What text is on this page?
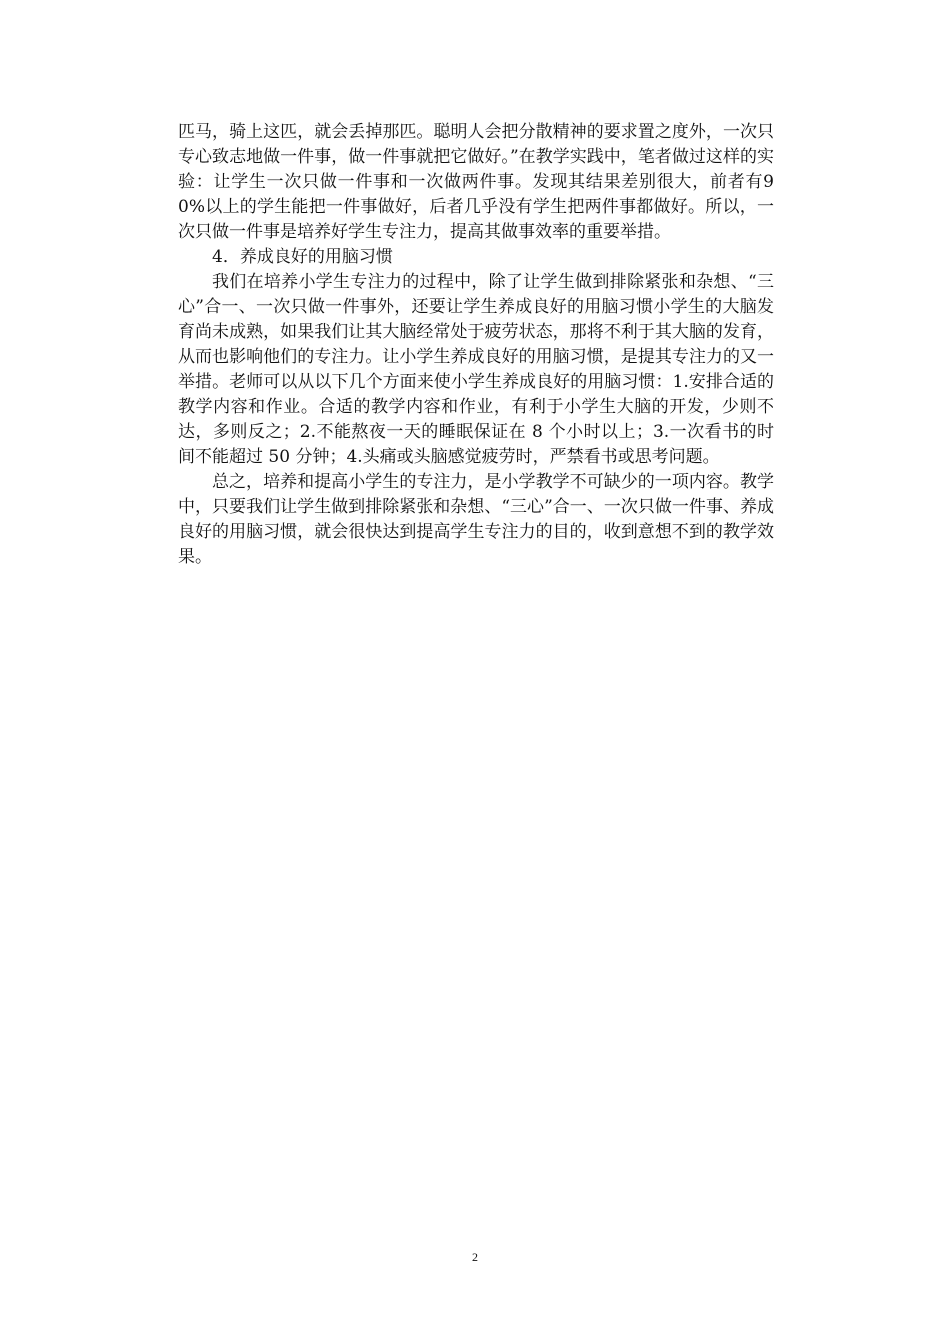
匹马，骑上这匹，就会丢掉那匹。聪明人会把分散精神的要求置之度外，一次只专心致志地做一件事，做一件事就把它做好。”在教学实践中，笔者做过这样的实验：让学生一次只做一件事和一次做两件事。发现其结果差别很大，前者有90%以上的学生能把一件事做好，后者几乎没有学生把两件事都做好。所以，一次只做一件事是培养好学生专注力，提高其做事效率的重要举措。

4．养成良好的用脑习惯

我们在培养小学生专注力的过程中，除了让学生做到排除紧张和杂想、“三心”合一、一次只做一件事外，还要让学生养成良好的用脑习惯小学生的大脑发育尚未成熟，如果我们让其大脑经常处于疲劳状态，那将不利于其大脑的发育，从而也影响他们的专注力。让小学生养成良好的用脑习惯，是提其专注力的又一举措。老师可以从以下几个方面来使小学生养成良好的用脑习惯：1.安排合适的教学内容和作业。合适的教学内容和作业，有利于小学生大脑的开发，少则不达，多则反之；2.不能熬夜一天的睡眠保证在 8 个小时以上；3.一次看书的时间不能超过 50 分钟；4.头痛或头脑感觉疲劳时，严禁看书或思考问题。

总之，培养和提高小学生的专注力，是小学教学不可缺少的一项内容。教学中，只要我们让学生做到排除紧张和杂想、“三心”合一、一次只做一件事、养成良好的用脑习惯，就会很快达到提高学生专注力的目的，收到意想不到的教学效果。

2
